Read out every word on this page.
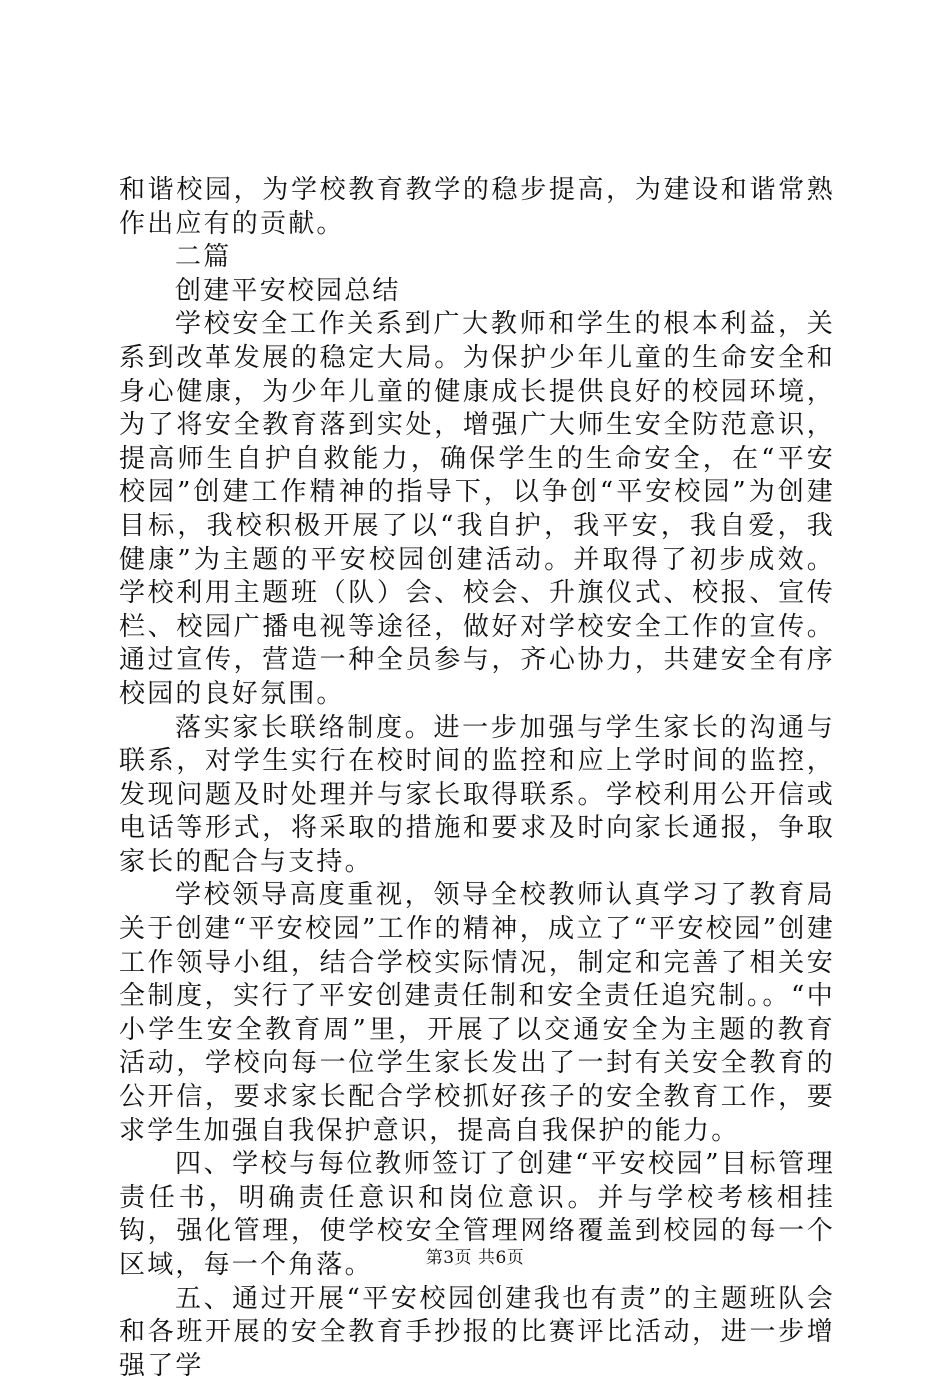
和谐校园，为学校教育教学的稳步提高，为建设和谐常熟作出应有的贡献。

二篇

创建平安校园总结

学校安全工作关系到广大教师和学生的根本利益，关系到改革发展的稳定大局。为保护少年儿童的生命安全和身心健康，为少年儿童的健康成长提供良好的校园环境，为了将安全教育落到实处，增强广大师生安全防范意识，提高师生自护自救能力，确保学生的生命安全，在“平安校园”创建工作精神的指导下，以争创“平安校园”为创建目标，我校积极开展了以“我自护，我平安，我自爱，我健康”为主题的平安校园创建活动。并取得了初步成效。学校利用主题班（队）会、校会、升旗仪式、校报、宣传栏、校园广播电视等途径，做好对学校安全工作的宣传。通过宣传，营造一种全员参与，齐心协力，共建安全有序校园的良好氛围。

落实家长联络制度。进一步加强与学生家长的沟通与联系，对学生实行在校时间的监控和应上学时间的监控，发现问题及时处理并与家长取得联系。学校利用公开信或电话等形式，将采取的措施和要求及时向家长通报，争取家长的配合与支持。

学校领导高度重视，领导全校教师认真学习了教育局关于创建“平安校园”工作的精神，成立了“平安校园”创建工作领导小组，结合学校实际情况，制定和完善了相关安全制度，实行了平安创建责任制和安全责任追究制。。“中小学生安全教育周”里，开展了以交通安全为主题的教育活动，学校向每一位学生家长发出了一封有关安全教育的公开信，要求家长配合学校抓好孩子的安全教育工作，要求学生加强自我保护意识，提高自我保护的能力。

四、学校与每位教师签订了创建“平安校园”目标管理责任书，明确责任意识和岗位意识。并与学校考核相挂钩，强化管理，使学校安全管理网络覆盖到校园的每一个区域，每一个角落。

五、通过开展“平安校园创建我也有责”的主题班队会和各班开展的安全教育手抄报的比赛评比活动，进一步增强了学

第3页 共6页
